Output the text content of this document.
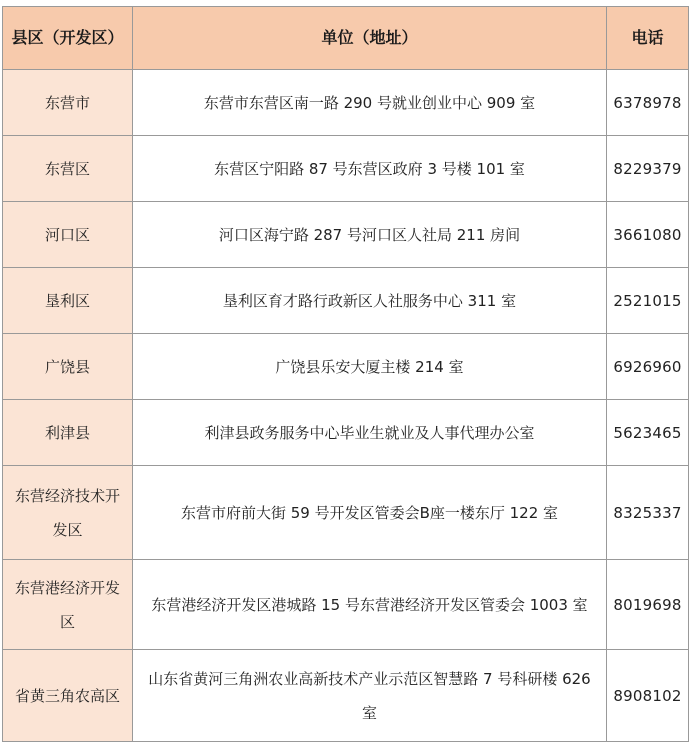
县区（开发区）	单位（地址）	电话
东营市	东营市东营区南一路 290 号就业创业中心 909 室	6378978
东营区	东营区宁阳路 87 号东营区政府 3 号楼 101 室	8229379
河口区	河口区海宁路 287 号河口区人社局 211 房间	3661080
垦利区	垦利区育才路行政新区人社服务中心 311 室	2521015
广饶县	广饶县乐安大厦主楼 214 室	6926960
利津县	利津县政务服务中心毕业生就业及人事代理办公室	5623465
东营经济技术开发区	东营市府前大街 59 号开发区管委会B座一楼东厅 122 室	8325337
东营港经济开发区	东营港经济开发区港城路 15 号东营港经济开发区管委会 1003 室	8019698
省黄三角农高区	山东省黄河三角洲农业高新技术产业示范区智慧路 7 号科研楼 626 室	8908102
